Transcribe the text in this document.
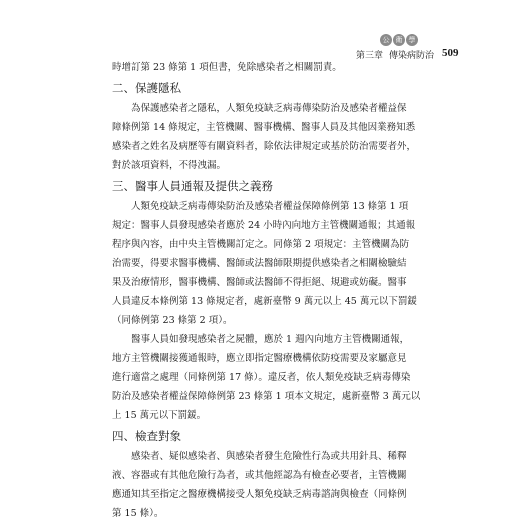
公 衛 學
第三章 傳染病防治 509
時增訂第 23 條第 1 項但書，免除感染者之相關罰責。
二、保護隱私
為保護感染者之隱私，人類免疫缺乏病毒傳染防治及感染者權益保
障條例第 14 條規定，主管機關、醫事機構、醫事人員及其他因業務知悉
感染者之姓名及病歷等有關資料者，除依法律規定或基於防治需要者外，
對於該項資料，不得洩漏。
三、醫事人員通報及提供之義務
人類免疫缺乏病毒傳染防治及感染者權益保障條例第 13 條第 1 項
規定：醫事人員發現感染者應於 24 小時內向地方主管機關通報；其通報
程序與內容，由中央主管機關訂定之。同條第 2 項規定：主管機關為防
治需要，得要求醫事機構、醫師或法醫師限期提供感染者之相關檢驗結
果及治療情形，醫事機構、醫師或法醫師不得拒絕、規避或妨礙。醫事
人員違反本條例第 13 條規定者，處新臺幣 9 萬元以上 45 萬元以下罰鍰
（同條例第 23 條第 2 項）。
醫事人員如發現感染者之屍體，應於 1 週內向地方主管機關通報，
地方主管機關接獲通報時，應立即指定醫療機構依防疫需要及家屬意見
進行適當之處理（同條例第 17 條）。違反者，依人類免疫缺乏病毒傳染
防治及感染者權益保障條例第 23 條第 1 項本文規定，處新臺幣 3 萬元以
上 15 萬元以下罰鍰。
四、檢查對象
感染者、疑似感染者、與感染者發生危險性行為或共用針具、稀釋
液、容器或有其他危險行為者，或其他經認為有檢查必要者，主管機關
應通知其至指定之醫療機構接受人類免疫缺乏病毒諮詢與檢查（同條例
第 15 條）。
